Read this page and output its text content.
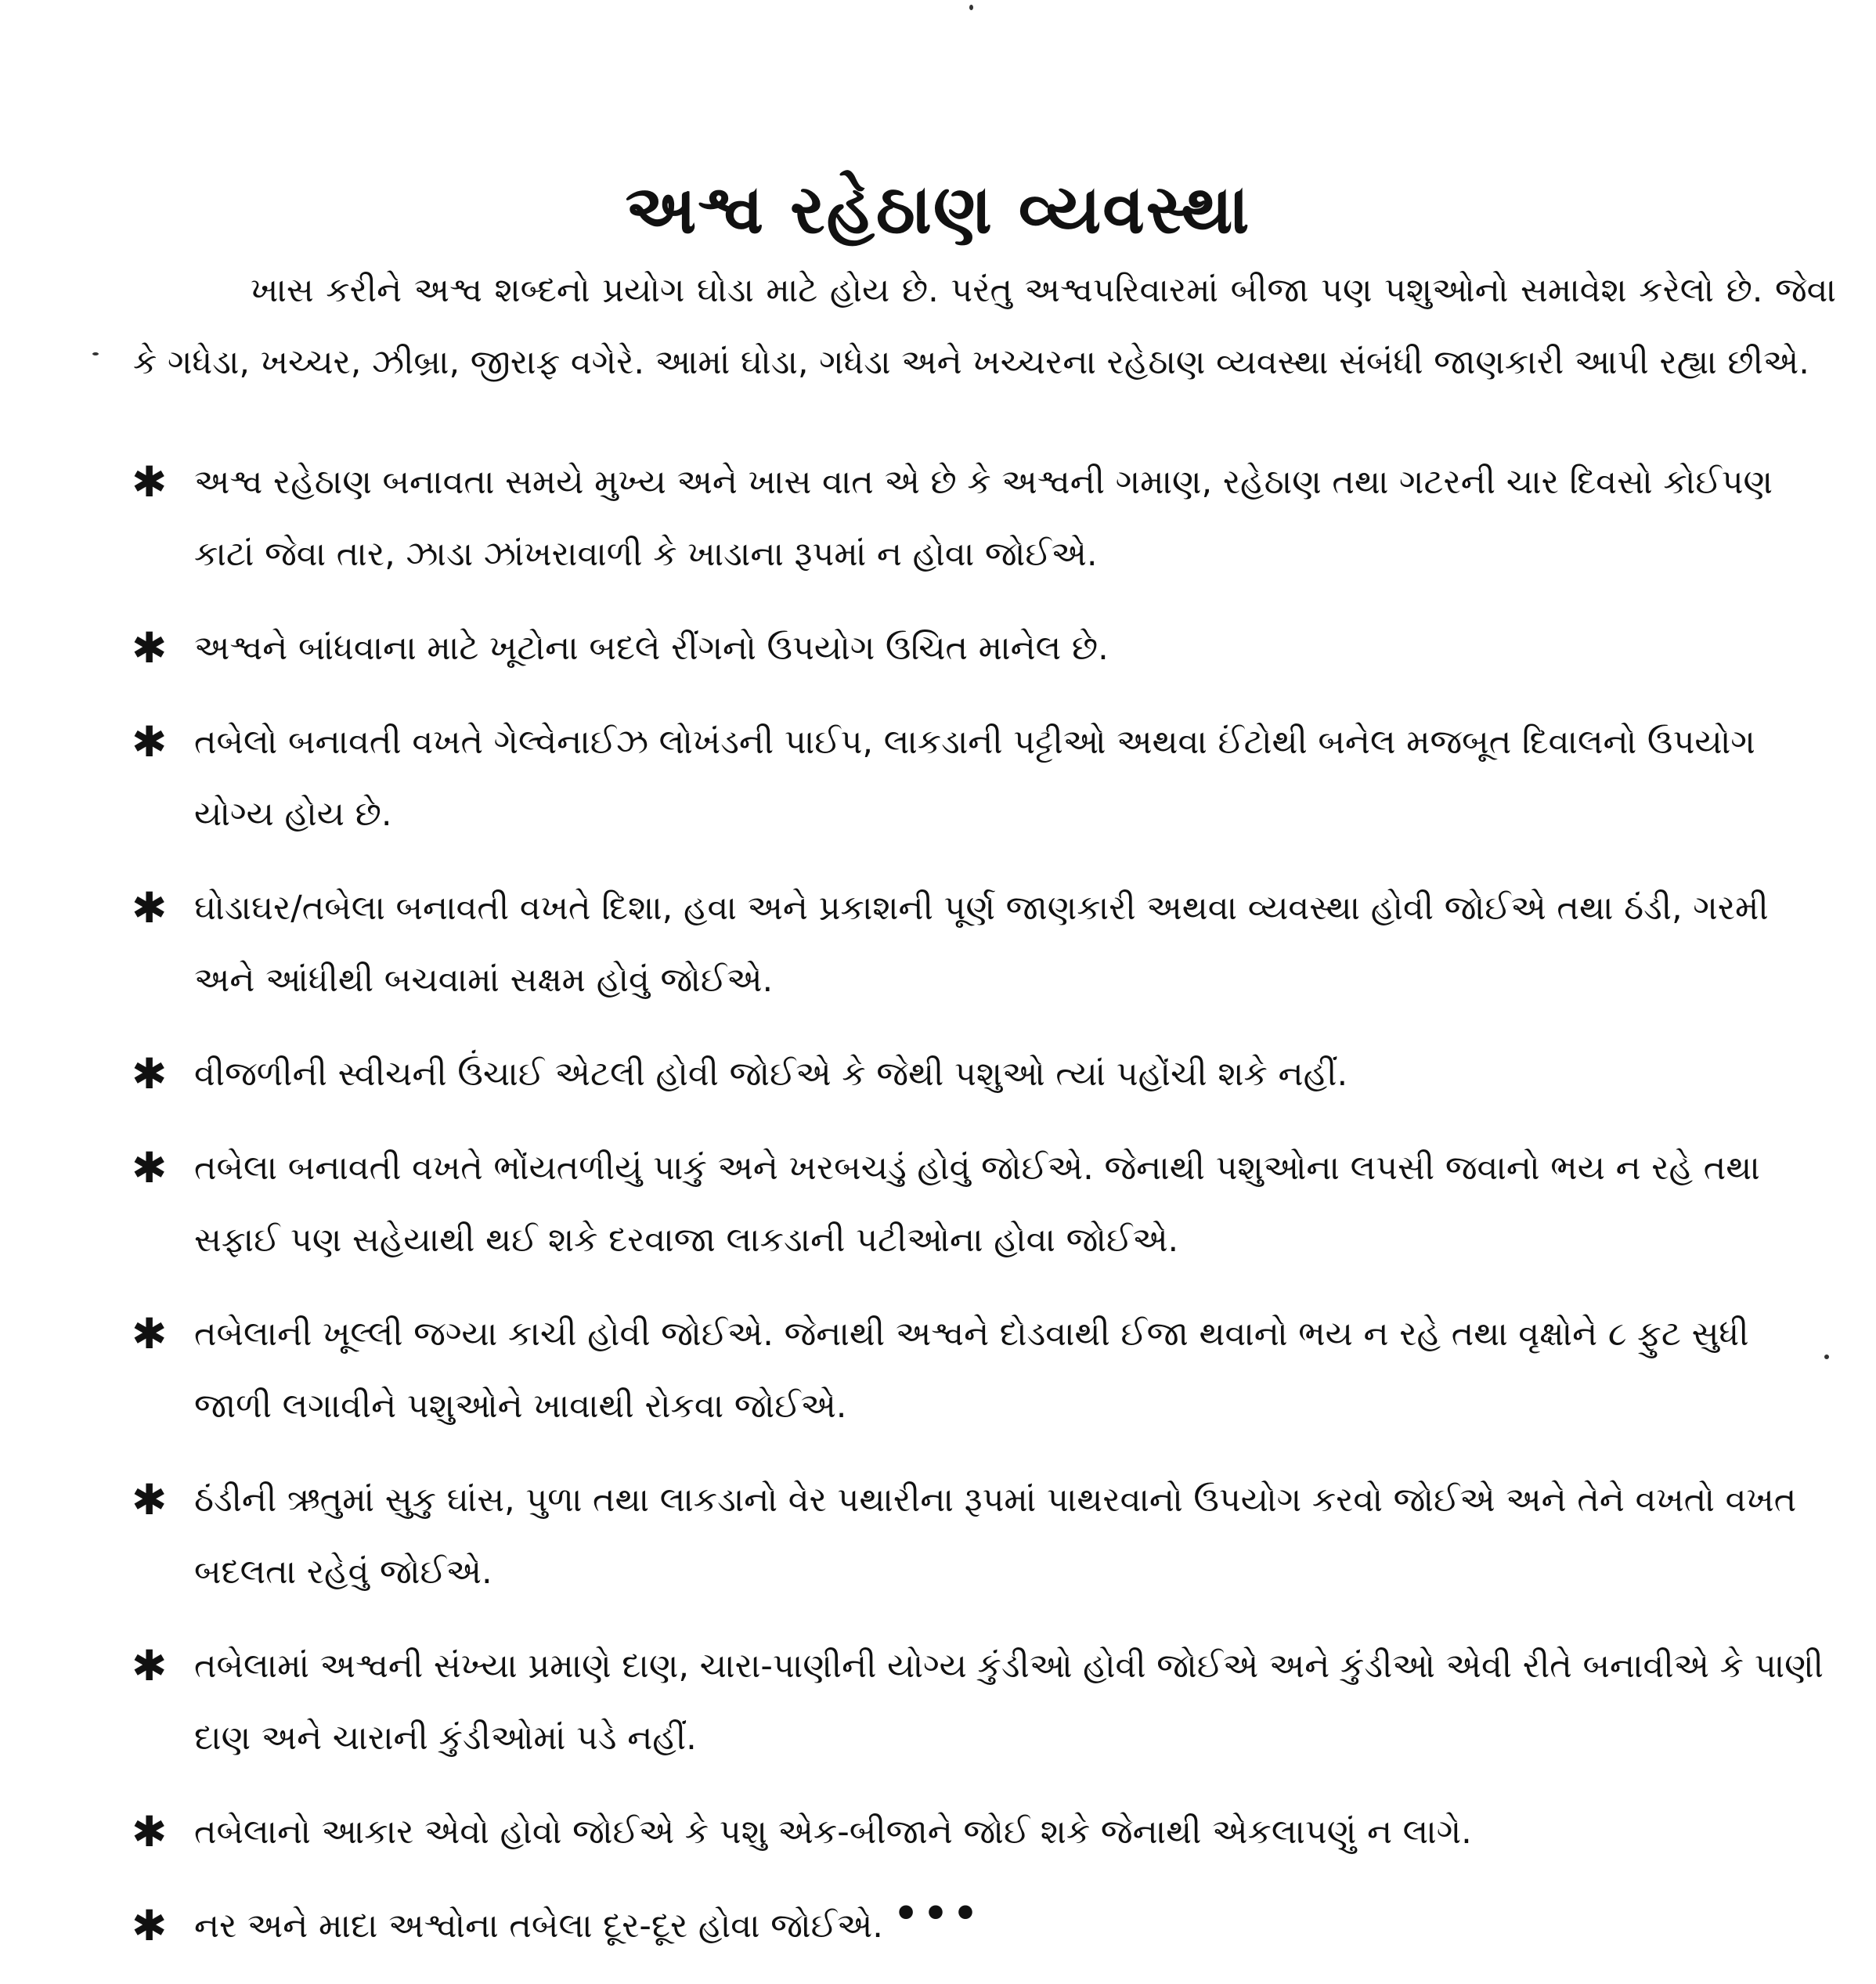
અશ્વ રહેઠાણ વ્યવસ્થા

ખાસ કરીને અશ્વ શબ્દનો પ્રયોગ ઘોડા માટે હોય છે. પરંતુ અશ્વપરિવારમાં બીજા પણ પશુઓનો સમાવેશ કરેલો છે. જેવા કે ગધેડા, ખચ્ચર, ઝીબ્રા, જીરાફ વગેરે. આમાં ઘોડા, ગધેડા અને ખચ્ચરના રહેઠાણ વ્યવસ્થા સંબંધી જાણકારી આપી રહ્યા છીએ.

✱ અશ્વ રહેઠાણ બનાવતા સમયે મુખ્ય અને ખાસ વાત એ છે કે અશ્વની ગમાણ, રહેઠાણ તથા ગટરની ચાર દિવસો કોઈપણ કાટાં જેવા તાર, ઝાડા ઝાંખરાવાળી કે ખાડાના રૂપમાં ન હોવા જોઈએ.
✱ અશ્વને બાંધવાના માટે ખૂટોના બદલે રીંગનો ઉપયોગ ઉચિત માનેલ છે.
✱ તબેલો બનાવતી વખતે ગેલ્વેનાઈઝ લોખંડની પાઈપ, લાકડાની પટ્ટીઓ અથવા ઈંટોથી બનેલ મજબૂત દિવાલનો ઉપયોગ યોગ્ય હોય છે.
✱ ઘોડાઘર/તબેલા બનાવતી વખતે દિશા, હવા અને પ્રકાશની પૂર્ણ જાણકારી અથવા વ્યવસ્થા હોવી જોઈએ તથા ઠંડી, ગરમી અને આંધીથી બચવામાં સક્ષમ હોવું જોઈએ.
✱ વીજળીની સ્વીચની ઉંચાઈ એટલી હોવી જોઈએ કે જેથી પશુઓ ત્યાં પહોંચી શકે નહીં.
✱ તબેલા બનાવતી વખતે ભોંયતળીયું પાકું અને ખરબચડું હોવું જોઈએ. જેનાથી પશુઓના લપસી જવાનો ભય ન રહે તથા સફાઈ પણ સહેયાથી થઈ શકે દરવાજા લાકડાની પટીઓના હોવા જોઈએ.
✱ તબેલાની ખૂલ્લી જગ્યા કાચી હોવી જોઈએ. જેનાથી અશ્વને દોડવાથી ઈજા થવાનો ભય ન રહે તથા વૃક્ષોને ૮ ફુટ સુધી જાળી લગાવીને પશુઓને ખાવાથી રોકવા જોઈએ.
✱ ઠંડીની ઋતુમાં સુકુ ઘાંસ, પુળા તથા લાકડાનો વેર પથારીના રૂપમાં પાથરવાનો ઉપયોગ કરવો જોઈએ અને તેને વખતો વખત બદલતા રહેવું જોઈએ.
✱ તબેલામાં અશ્વની સંખ્યા પ્રમાણે દાણ, ચારા-પાણીની યોગ્ય કુંડીઓ હોવી જોઈએ અને કુંડીઓ એવી રીતે બનાવીએ કે પાણી દાણ અને ચારાની કુંડીઓમાં પડે નહીં.
✱ તબેલાનો આકાર એવો હોવો જોઈએ કે પશુ એક-બીજાને જોઈ શકે જેનાથી એકલાપણું ન લાગે.
✱ નર અને માદા અશ્વોના તબેલા દૂર-દૂર હોવા જોઈએ. •••
